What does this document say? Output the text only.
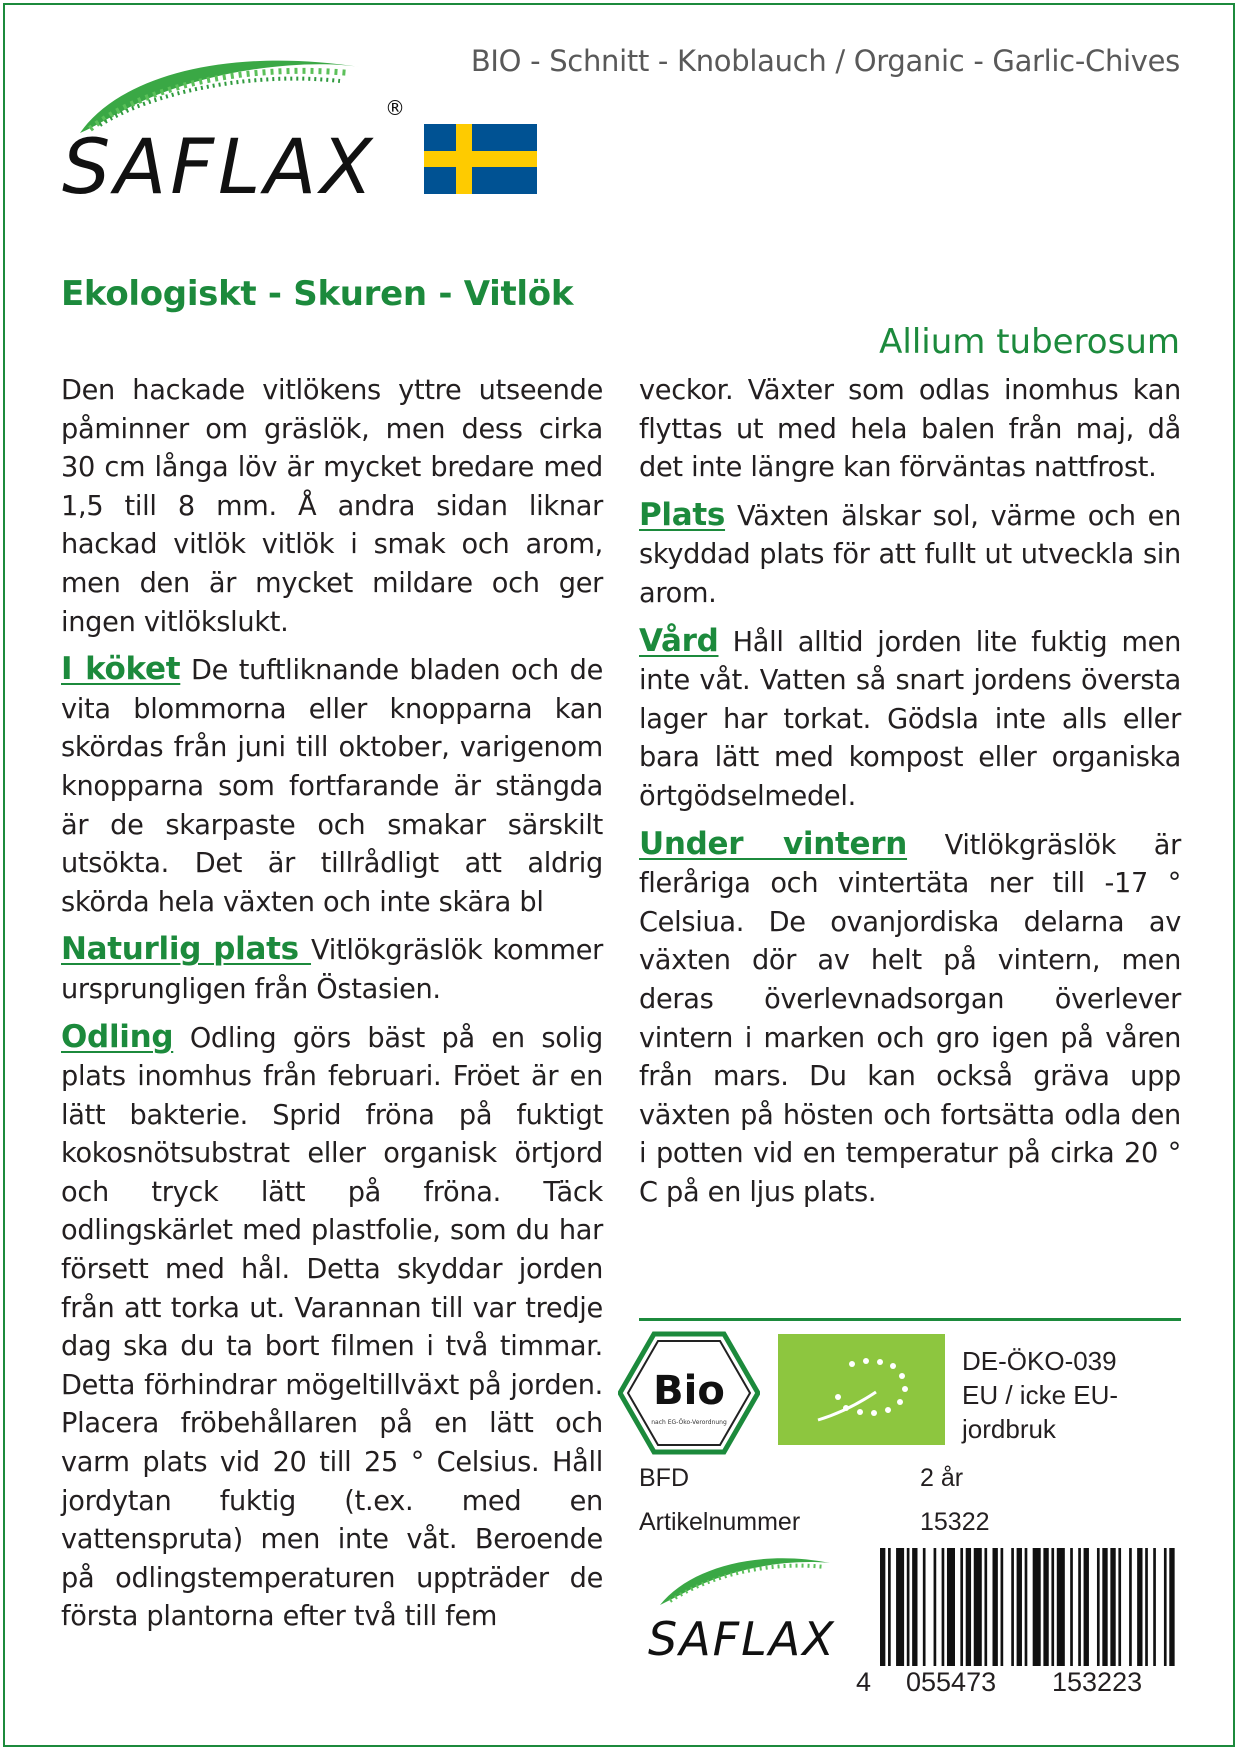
SAFLAX
®
BIO - Schnitt - Knoblauch / Organic - Garlic-Chives
Ekologiskt - Skuren - Vitlök
Allium tuberosum

Den hackade vitlökens yttre utseende påminner om gräslök, men dess cirka 30 cm långa löv är mycket bredare med 1,5 till 8 mm. Å andra sidan liknar hackad vitlök vitlök i smak och arom, men den är mycket mildare och ger ingen vitlökslukt.

I köket De tuftliknande bladen och de vita blommorna eller knopparna kan skördas från juni till oktober, varigenom knopparna som fortfarande är stängda är de skarpaste och smakar särskilt utsökta. Det är tillrådligt att aldrig skörda hela växten och inte skära bl

Naturlig plats Vitlökgräslök kommer ursprungligen från Östasien.

Odling Odling görs bäst på en solig plats inomhus från februari. Fröet är en lätt bakterie. Sprid fröna på fuktigt kokosnötsubstrat eller organisk örtjord och tryck lätt på fröna. Täck odlingskärlet med plastfolie, som du har försett med hål. Detta skyddar jorden från att torka ut. Varannan till var tredje dag ska du ta bort filmen i två timmar. Detta förhindrar mögeltillväxt på jorden. Placera fröbehållaren på en lätt och varm plats vid 20 till 25 ° Celsius. Håll jordytan fuktig (t.ex. med en vattenspruta) men inte våt. Beroende på odlingstemperaturen uppträder de första plantorna efter två till fem

veckor. Växter som odlas inomhus kan flyttas ut med hela balen från maj, då det inte längre kan förväntas nattfrost.

Plats Växten älskar sol, värme och en skyddad plats för att fullt ut utveckla sin arom.

Vård Håll alltid jorden lite fuktig men inte våt. Vatten så snart jordens översta lager har torkat. Gödsla inte alls eller bara lätt med kompost eller organiska örtgödselmedel.

Under vintern Vitlökgräslök är fleråriga och vintertäta ner till -17 ° Celsiua. De ovanjordiska delarna av växten dör av helt på vintern, men deras överlevnadsorgan överlever vintern i marken och gro igen på våren från mars. Du kan också gräva upp växten på hösten och fortsätta odla den i potten vid en temperatur på cirka 20 ° C på en ljus plats.

Bio
nach EG-Öko-Verordnung
DE-ÖKO-039
EU / icke EU-
jordbruk
BFD	2 år
Artikelnummer	15322
SAFLAX
4 055473 153223
